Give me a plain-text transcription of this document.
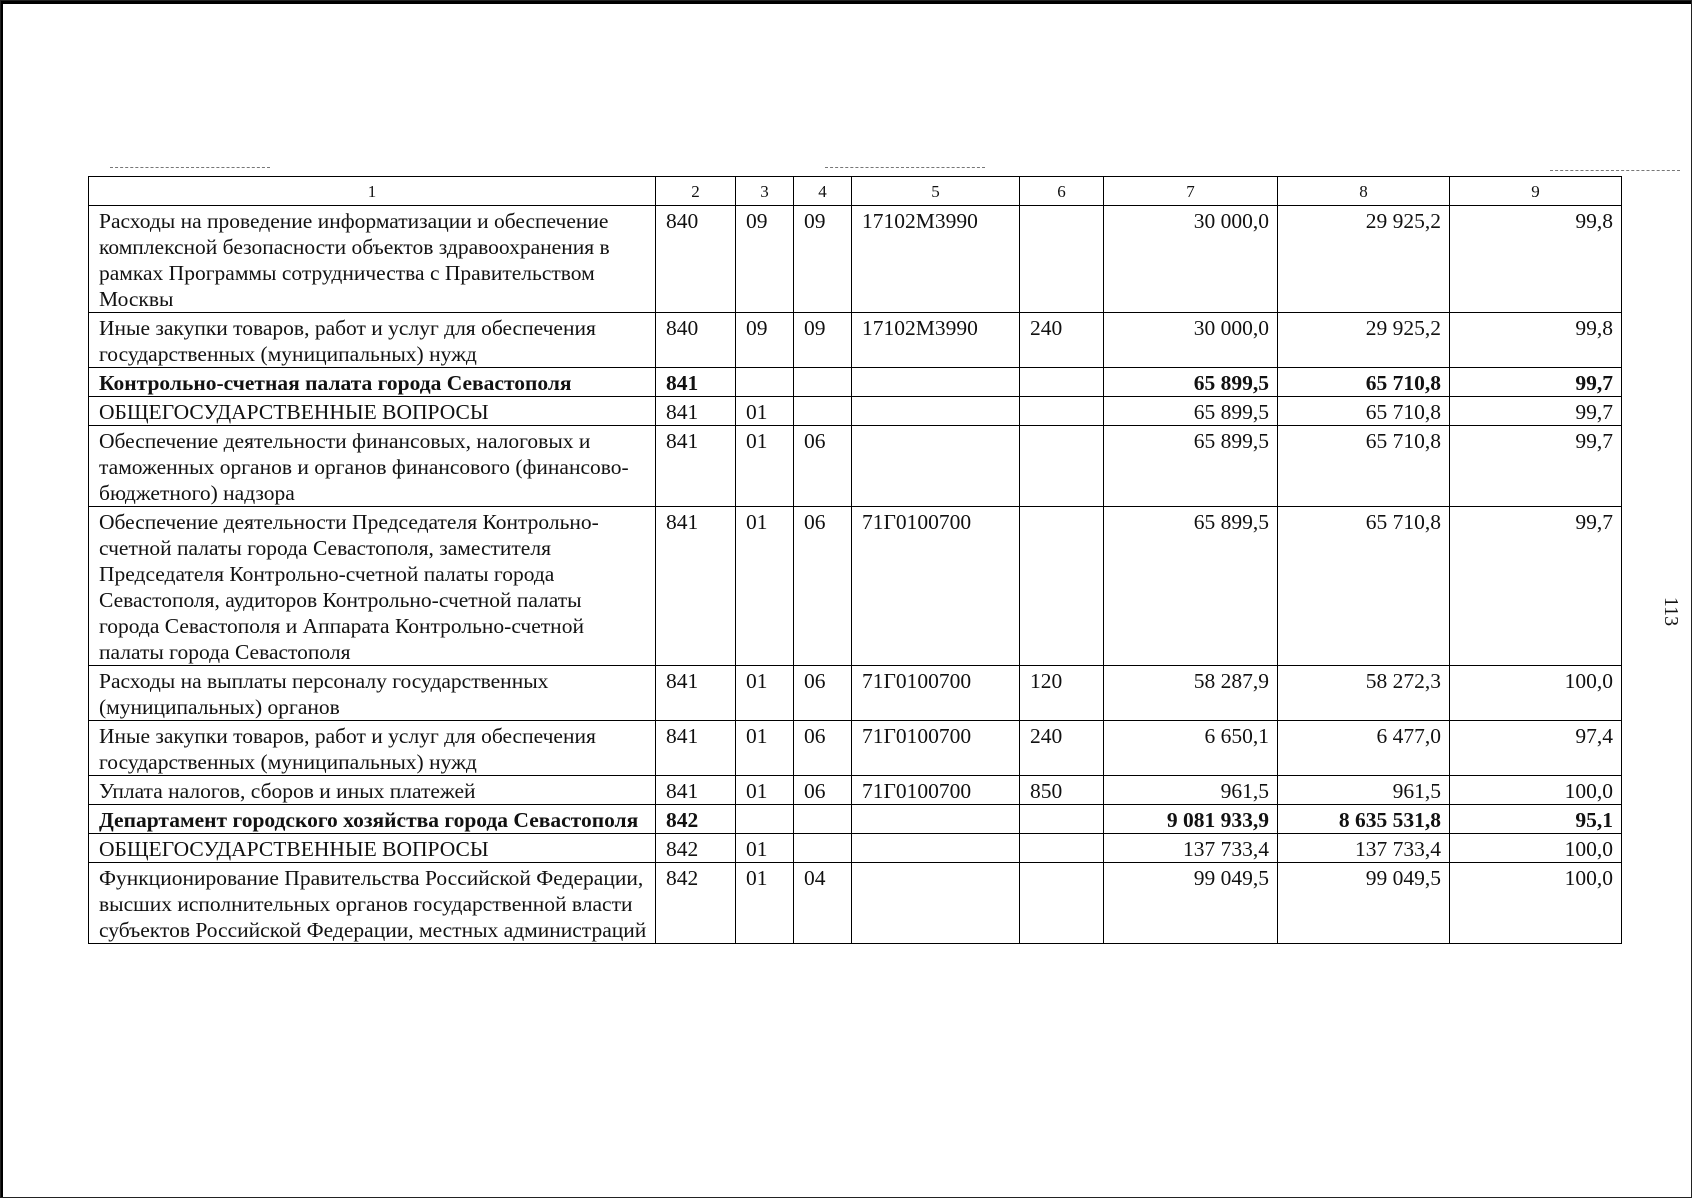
1	2	3	4	5	6	7	8	9
Расходы на проведение информатизации и обеспечение комплексной безопасности объектов здравоохранения в рамках Программы сотрудничества с Правительством Москвы	840	09	09	17102М3990		30 000,0	29 925,2	99,8
Иные закупки товаров, работ и услуг для обеспечения государственных (муниципальных) нужд	840	09	09	17102М3990	240	30 000,0	29 925,2	99,8
Контрольно-счетная палата города Севастополя	841					65 899,5	65 710,8	99,7
ОБЩЕГОСУДАРСТВЕННЫЕ ВОПРОСЫ	841	01				65 899,5	65 710,8	99,7
Обеспечение деятельности финансовых, налоговых и таможенных органов и органов финансового (финансово-бюджетного) надзора	841	01	06			65 899,5	65 710,8	99,7
Обеспечение деятельности Председателя Контрольно-счетной палаты города Севастополя, заместителя Председателя Контрольно-счетной палаты города Севастополя, аудиторов Контрольно-счетной палаты города Севастополя и Аппарата Контрольно-счетной палаты города Севастополя	841	01	06	71Г0100700		65 899,5	65 710,8	99,7
Расходы на выплаты персоналу государственных (муниципальных) органов	841	01	06	71Г0100700	120	58 287,9	58 272,3	100,0
Иные закупки товаров, работ и услуг для обеспечения государственных (муниципальных) нужд	841	01	06	71Г0100700	240	6 650,1	6 477,0	97,4
Уплата налогов, сборов и иных платежей	841	01	06	71Г0100700	850	961,5	961,5	100,0
Департамент городского хозяйства города Севастополя	842					9 081 933,9	8 635 531,8	95,1
ОБЩЕГОСУДАРСТВЕННЫЕ ВОПРОСЫ	842	01				137 733,4	137 733,4	100,0
Функционирование Правительства Российской Федерации, высших исполнительных органов государственной власти субъектов Российской Федерации, местных администраций	842	01	04			99 049,5	99 049,5	100,0
113
